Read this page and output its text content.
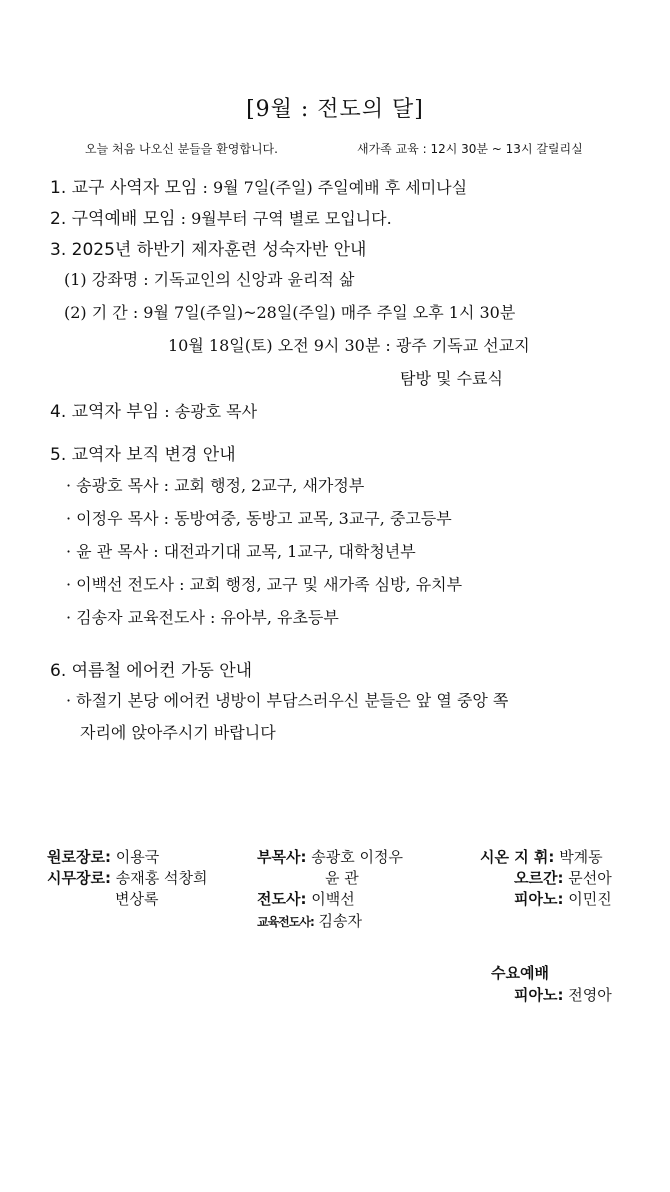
[9월 : 전도의 달]
오늘 처음 나오신 분들을 환영합니다.	새가족 교육 : 12시 30분 ~ 13시 갈릴리실
1. 교구 사역자 모임 : 9월 7일(주일) 주일예배 후 세미나실
2. 구역예배 모임 : 9월부터 구역 별로 모입니다.
3. 2025년 하반기 제자훈련 성숙자반 안내
(1) 강좌명 : 기독교인의 신앙과 윤리적 삶
(2) 기 간 : 9월 7일(주일)~28일(주일) 매주 주일 오후 1시 30분
10월 18일(토) 오전 9시 30분 : 광주 기독교 선교지
탐방 및 수료식
4. 교역자 부임 : 송광호 목사
5. 교역자 보직 변경 안내
· 송광호 목사 : 교회 행정, 2교구, 새가정부
· 이정우 목사 : 동방여중, 동방고 교목, 3교구, 중고등부
· 윤 관 목사 : 대전과기대 교목, 1교구, 대학청년부
· 이백선 전도사 : 교회 행정, 교구 및 새가족 심방, 유치부
· 김송자 교육전도사 : 유아부, 유초등부
6. 여름철 에어컨 가동 안내
· 하절기 본당 에어컨 냉방이 부담스러우신 분들은 앞 열 중앙 쪽
자리에 앉아주시기 바랍니다
원로장로: 이용국
시무장로: 송재홍 석창희
변상록
부목사: 송광호 이정우
윤 관
전도사: 이백선
교육전도사: 김송자
시온 지 휘: 박계동
오르간: 문선아
피아노: 이민진
수요예배
피아노: 전영아
